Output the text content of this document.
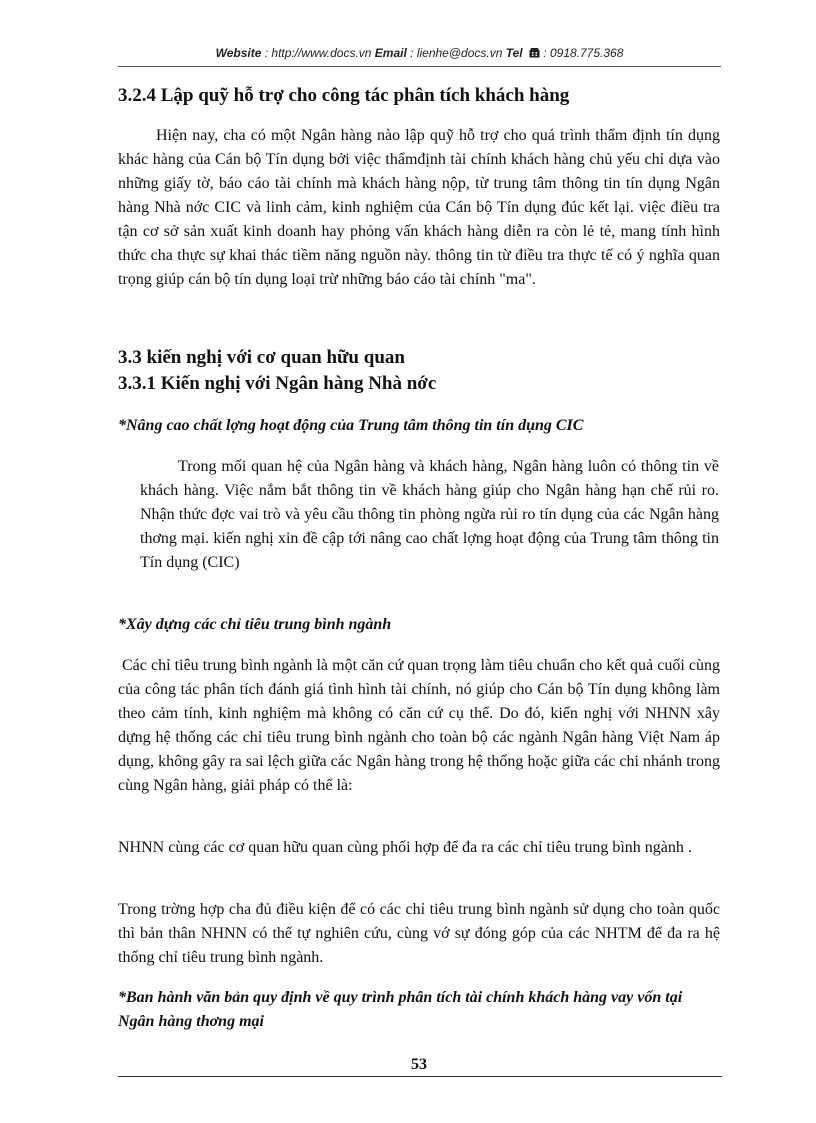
Website : http://www.docs.vn Email : lienhe@docs.vn Tel  : 0918.775.368
3.2.4 Lập quỹ hỗ trợ cho công tác phân tích khách hàng
Hiện nay, cha có một Ngân hàng nào lập quỹ hỗ trợ cho quá trình thẩm định tín dụng khác hàng của Cán bộ Tín dụng bởi việc thẩmđịnh tài chính khách hàng chủ yếu chỉ dựa vào những giấy tờ, báo cáo tài chính mà khách hàng nộp, từ trung tâm thông tin tín dụng Ngân hàng Nhà nớc CIC và linh cảm, kinh nghiệm của Cán bộ Tín dụng đúc kết lại. việc điều tra tận cơ sở sản xuất kinh doanh hay phỏng vấn khách hàng diễn ra còn lẻ tẻ, mang tính hình thức cha thực sự khai thác tiềm năng nguồn này. thông tin từ điều tra thực tế có ý nghĩa quan trọng giúp cán bộ tín dụng loại trừ những báo cáo tài chính "ma".
3.3 kiến nghị với cơ quan hữu quan
3.3.1 Kiến nghị với Ngân hàng Nhà nớc
*Nâng cao chất lợng hoạt động của Trung tâm thông tin tín dụng CIC
Trong mối quan hệ của Ngân hàng và khách hàng, Ngân hàng luôn có thông tin về khách hàng. Việc nắm bắt thông tin về khách hàng giúp cho Ngân hàng hạn chế rủi ro. Nhận thức đợc vai trò và yêu cầu thông tin phòng ngừa rủi ro tín dụng của các Ngân hàng thơng mại. kiến nghị xin đề cập tới nâng cao chất lợng hoạt động của Trung tâm thông tin Tín dụng (CIC)
*Xây dựng các chỉ tiêu trung bình ngành
Các chỉ tiêu trung bình ngành là một căn cứ quan trọng làm tiêu chuẩn cho kết quả cuối cùng của công tác phân tích đánh giá tình hình tài chính, nó giúp cho Cán bộ Tín dụng không làm theo cảm tính, kinh nghiệm mà không có căn cứ cụ thể. Do đó, kiến nghị với NHNN xây dựng hệ thống các chỉ tiêu trung bình ngành cho toàn bộ các ngành Ngân hàng Việt Nam áp dụng, không gây ra sai lệch giữa các Ngân hàng trong hệ thống hoặc giữa các chi nhánh trong cùng Ngân hàng, giải pháp có thể là:
NHNN cùng các cơ quan hữu quan cùng phối hợp để đa ra các chỉ tiêu trung bình ngành .
Trong trờng hợp cha đủ điều kiện để có các chỉ tiêu trung bình ngành sử dụng cho toàn quốc thì bản thân NHNN có thể tự nghiên cứu, cùng vớ sự đóng góp của các NHTM để đa ra hệ thống chỉ tiêu trung bình ngành.
*Ban hành văn bản quy định về quy trình phân tích tài chính khách hàng vay vốn tại Ngân hàng thơng mại
53
